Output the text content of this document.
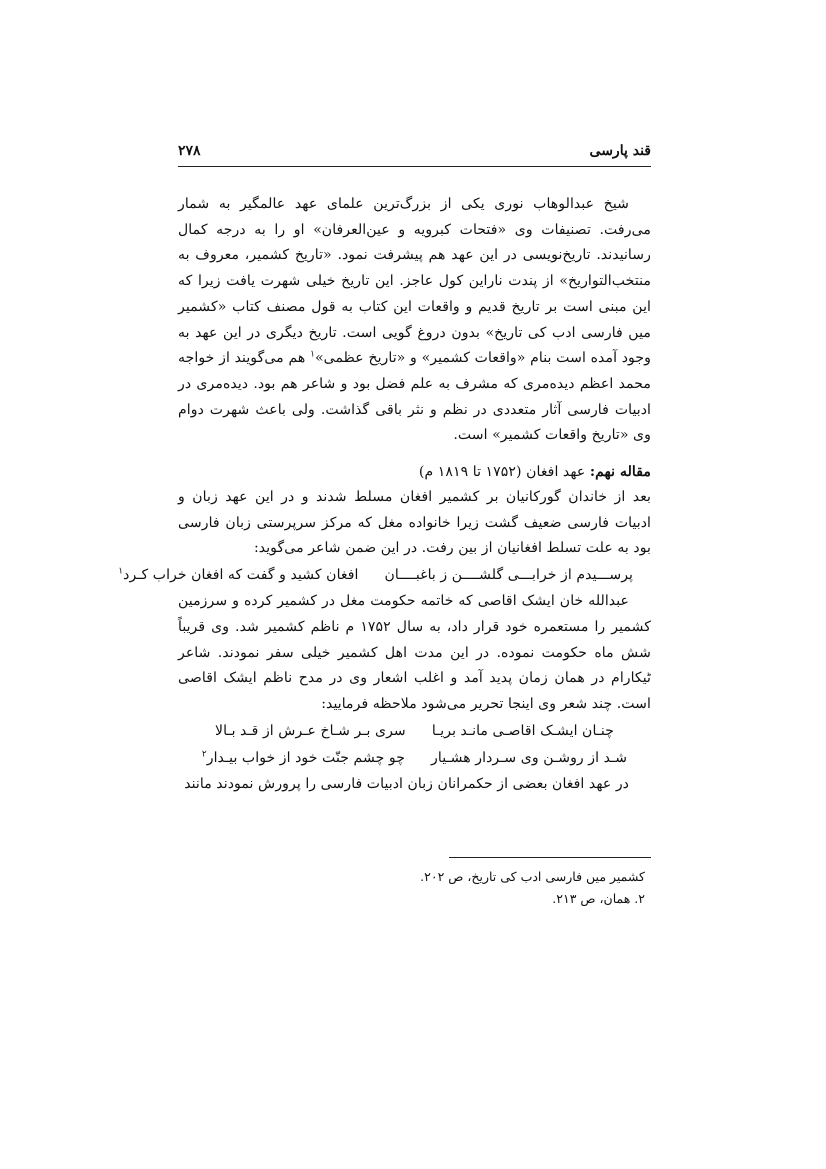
قند پارسی
۲۷۸

شیخ عبدالوهاب نوری یکی از بزرگ‌ترین علمای عهد عالمگیر به شمار می‌رفت. تصنیفات وی «فتحات کبرویه و عین‌العرفان» او را به درجه کمال رسانیدند. تاریخ‌نویسی در این عهد هم پیشرفت نمود. «تاریخ کشمیر، معروف به منتخب‌التواریخ» از پندت ناراین کول عاجز. این تاریخ خیلی شهرت یافت زیرا که این مبنی است بر تاریخ قدیم و واقعات این کتاب به قول مصنف کتاب «کشمیر میں فارسی ادب کی تاریخ» بدون دروغ گویی است. تاریخ دیگری در این عهد به وجود آمده است بنام «واقعات کشمیر» و «تاریخ عظمی»$^۱$ هم می‌گویند از خواجه محمد اعظم دیده‌مری که مشرف به علم فضل بود و شاعر هم بود. دیده‌مری در ادبیات فارسی آثار متعددی در نظم و نثر باقی گذاشت. ولی باعث شهرت دوام وی «تاریخ واقعات کشمیر» است.

مقاله نهم: عهد افغان (۱۷۵۲ تا ۱۸۱۹ م)

بعد از خاندان گورکانیان بر کشمیر افغان مسلط شدند و در این عهد زبان و ادبیات فارسی ضعیف گشت زیرا خانواده مغل که مرکز سرپرستی زبان فارسی بود به علت تسلط افغانیان از بین رفت. در این ضمن شاعر می‌گوید:

پرســـیدم از خرابـــی گلشــــن ز باغبــــان
افغان کشید و گفت که افغان خراب کـرد$^۱$

عبدالله خان ایشک اقاصی که خاتمه حکومت مغل در کشمیر کرده و سرزمین کشمیر را مستعمره خود قرار داد، به سال ۱۷۵۲ م ناظم کشمیر شد. وی قریباً شش ماه حکومت نموده. در این مدت اهل کشمیر خیلی سفر نمودند. شاعر ٹیکارام در همان زمان پدید آمد و اغلب اشعار وی در مدح ناظم ایشک اقاصی است. چند شعر وی اینجا تحریر می‌شود ملاحظه فرمایید:

چنـان ایشـک اقاصـی مانـد بریـا
سری بـر شـاخ عـرش از قـد بـالا
شـد از روشـن وی سـردار هشـیار
چو چشم جنّت خود از خواب بیـدار$^۲$

در عهد افغان بعضی از حکمرانان زبان ادبیات فارسی را پرورش نمودند مانند

کشمیر میں فارسی ادب کی تاریخ، ص ۲۰۲.

۲. همان، ص ۲۱۳.
